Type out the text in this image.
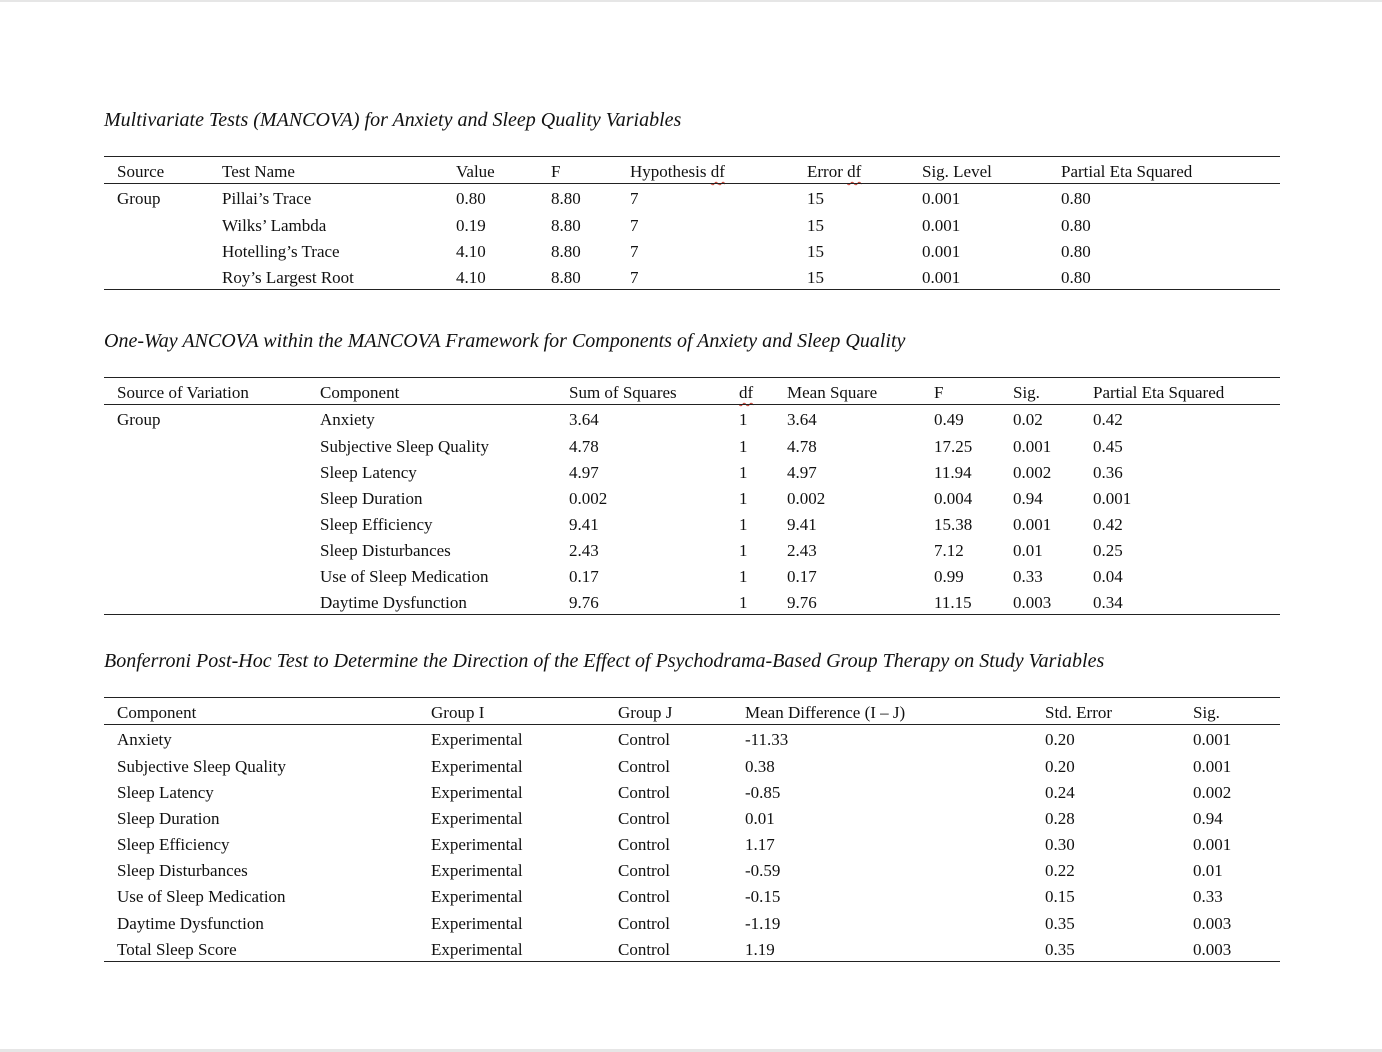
Multivariate Tests (MANCOVA) for Anxiety and Sleep Quality Variables
Source	Test Name	Value	F	Hypothesis df	Error df	Sig. Level	Partial Eta Squared
Group	Pillai’s Trace	0.80	8.80	7	15	0.001	0.80
Wilks’ Lambda	0.19	8.80	7	15	0.001	0.80
Hotelling’s Trace	4.10	8.80	7	15	0.001	0.80
Roy’s Largest Root	4.10	8.80	7	15	0.001	0.80
One-Way ANCOVA within the MANCOVA Framework for Components of Anxiety and Sleep Quality
Source of Variation	Component	Sum of Squares	df Mean Square	F	Sig.	Partial Eta Squared
Group	Anxiety	3.64	1 3.64	0.49	0.02	0.42
Subjective Sleep Quality	4.78	1 4.78	17.25 0.001 0.45
Sleep Latency	4.97	1 4.97	11.94 0.002 0.36
Sleep Duration	0.002	1 0.002	0.004 0.94	0.001
Sleep Efficiency	9.41	1 9.41	15.38 0.001 0.42
Sleep Disturbances	2.43	1 2.43	7.12	0.01	0.25
Use of Sleep Medication	0.17	1 0.17	0.99	0.33	0.04
Daytime Dysfunction	9.76	1 9.76	11.15 0.003 0.34
Bonferroni Post-Hoc Test to Determine the Direction of the Effect of Psychodrama-Based Group Therapy on Study Variables
Component	Group I	Group J	Mean Difference (I – J)	Std. Error	Sig.
Anxiety	Experimental	Control	-11.33	0.20	0.001
Subjective Sleep Quality	Experimental	Control	0.38	0.20	0.001
Sleep Latency	Experimental	Control	-0.85	0.24	0.002
Sleep Duration	Experimental	Control	0.01	0.28	0.94
Sleep Efficiency	Experimental	Control	1.17	0.30	0.001
Sleep Disturbances	Experimental	Control	-0.59	0.22	0.01
Use of Sleep Medication	Experimental	Control	-0.15	0.15	0.33
Daytime Dysfunction	Experimental	Control	-1.19	0.35	0.003
Total Sleep Score	Experimental	Control	1.19	0.35	0.003
